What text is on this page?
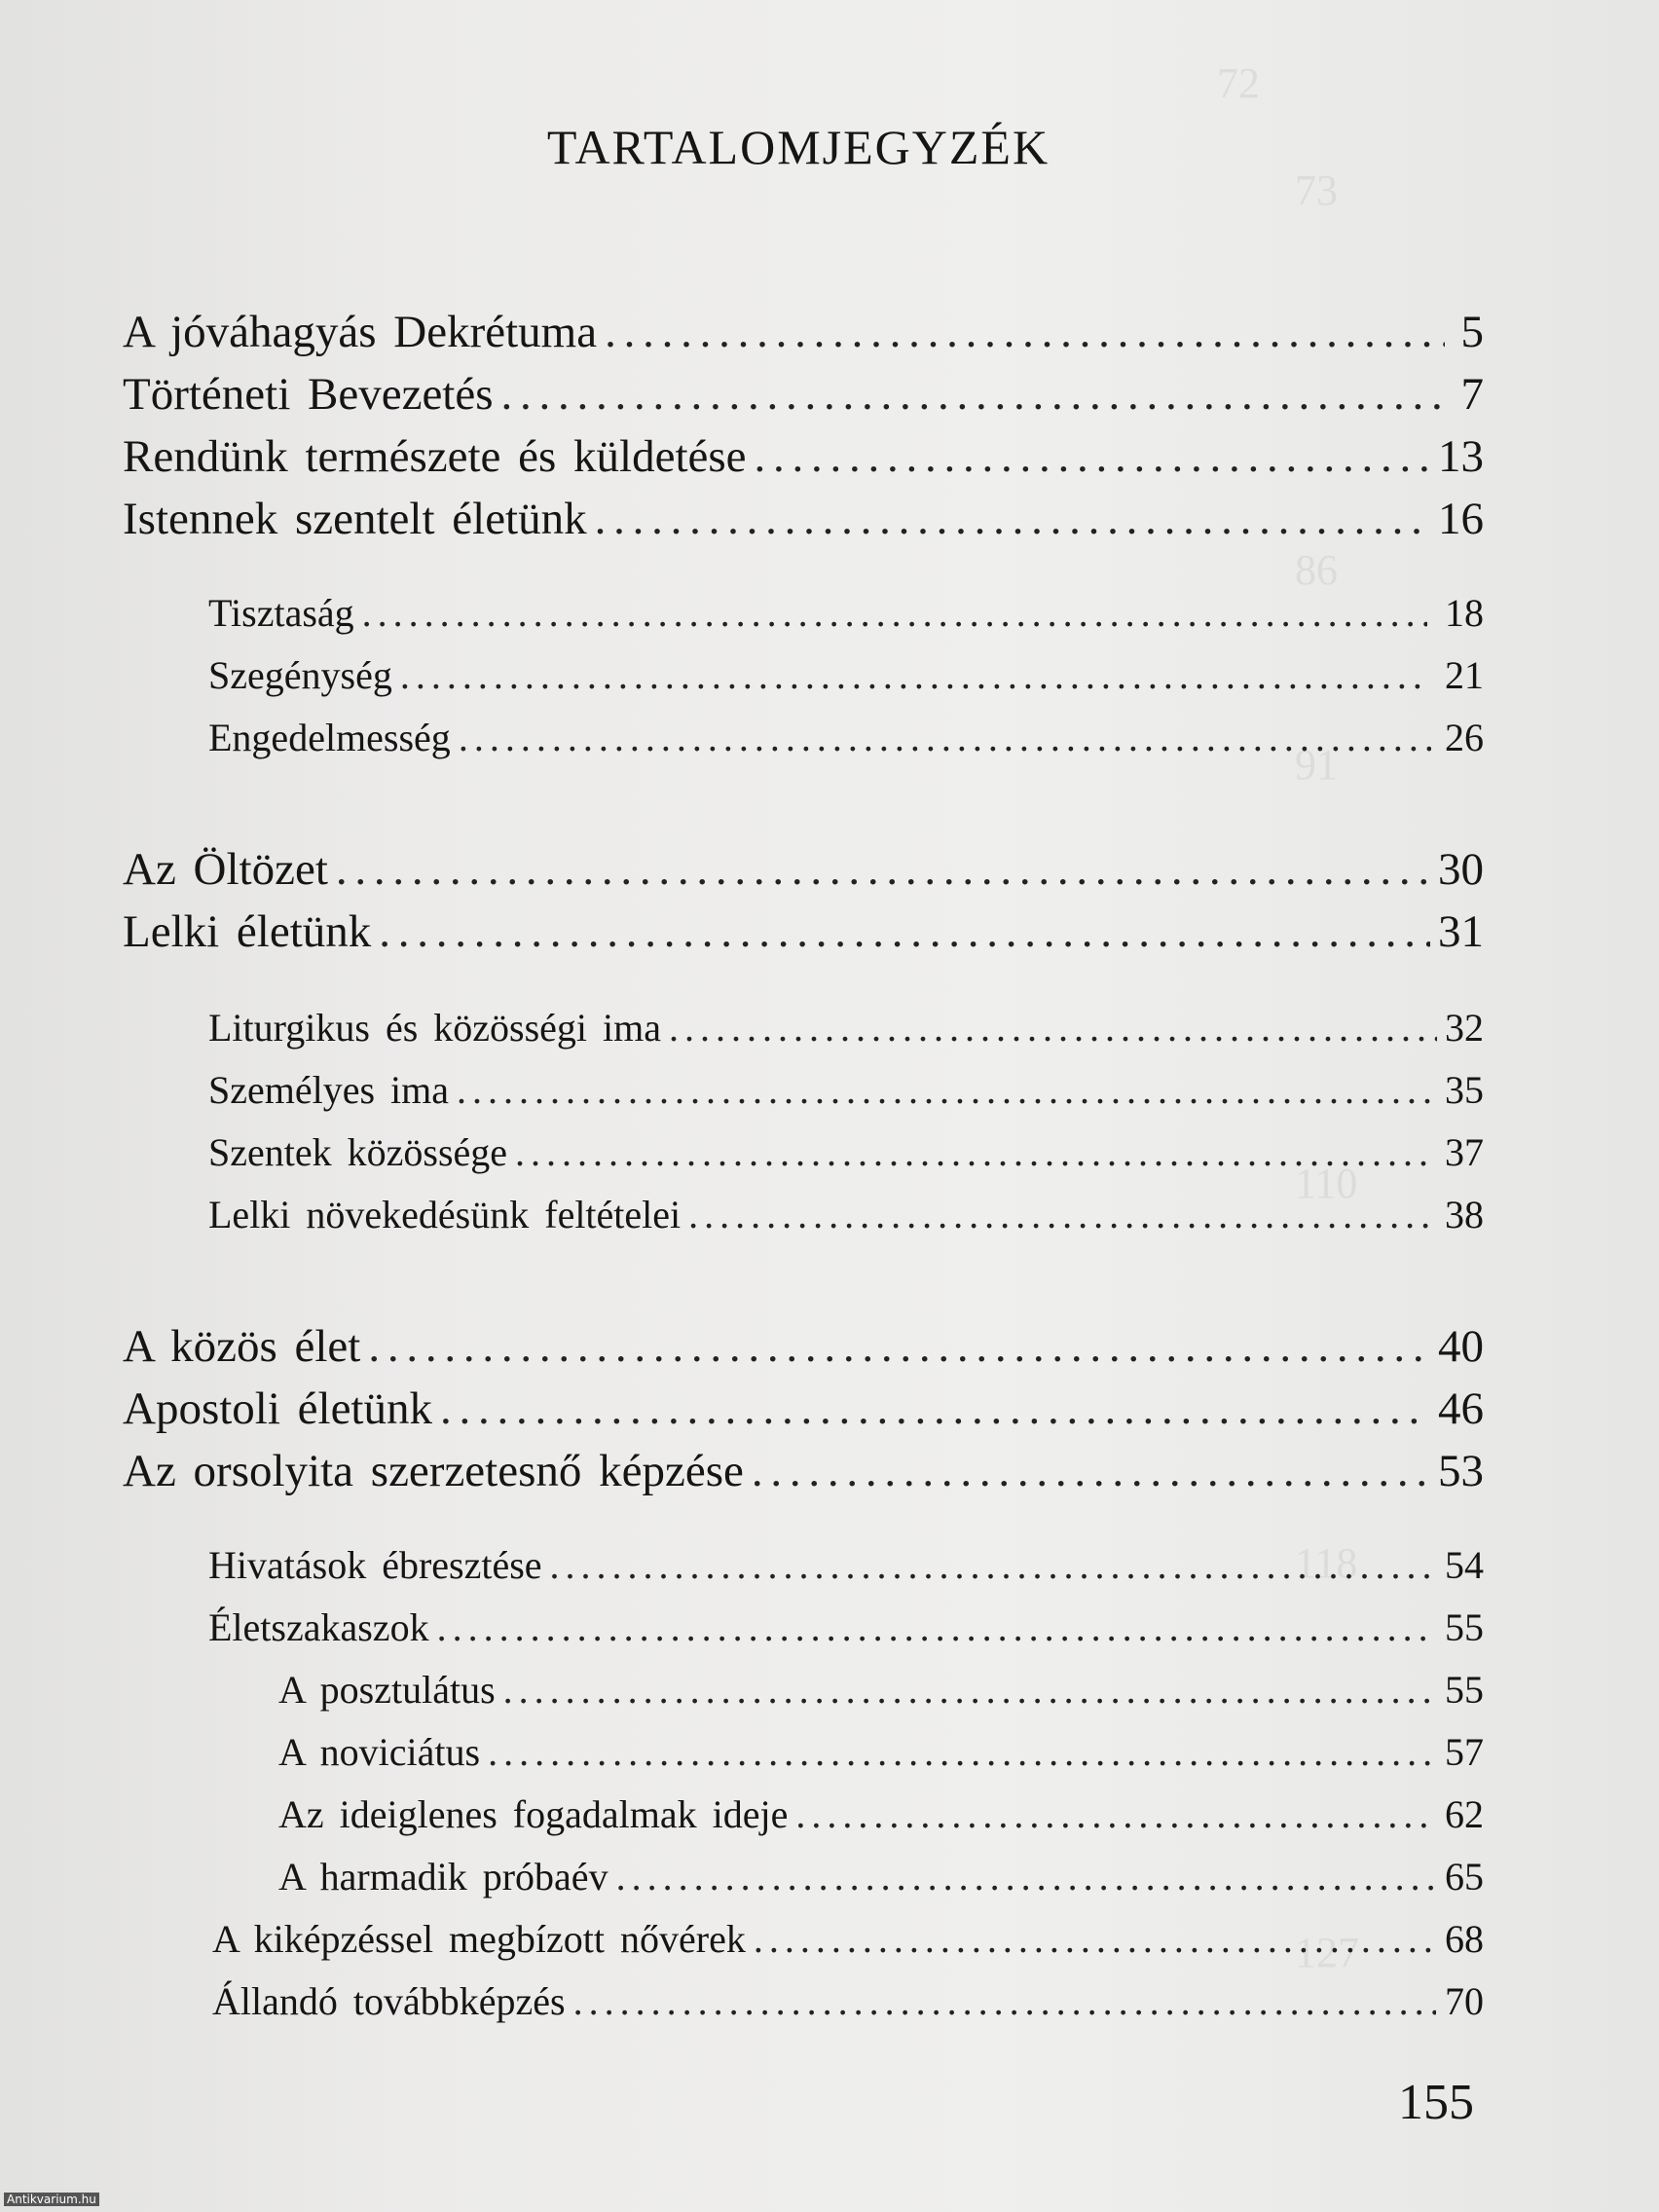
72
73
86
91
110
118
127
TARTALOMJEGYZÉK
A jóváhagyás Dekrétuma . . .	5
Történeti Bevezetés . . .	7
Rendünk természete és küldetése . . .	13
Istennek szentelt életünk . . .	16
Tisztaság . . .	18
Szegénység . . .	21
Engedelmesség . . .	26
Az Öltözet . . .	30
Lelki életünk . . .	31
Liturgikus és közösségi ima . . .	32
Személyes ima . . .	35
Szentek közössége . . .	37
Lelki növekedésünk feltételei . . .	38
A közös élet . . .	40
Apostoli életünk . . .	46
Az orsolyita szerzetesnő képzése . . .	53
Hivatások ébresztése . . .	54
Életszakaszok . . .	55
A posztulátus . . .	55
A noviciátus . . .	57
Az ideiglenes fogadalmak ideje . . .	62
A harmadik próbaév . . .	65
A kiképzéssel megbízott nővérek . . .	68
Állandó továbbképzés . . .	70
155
Antikvarium.hu
